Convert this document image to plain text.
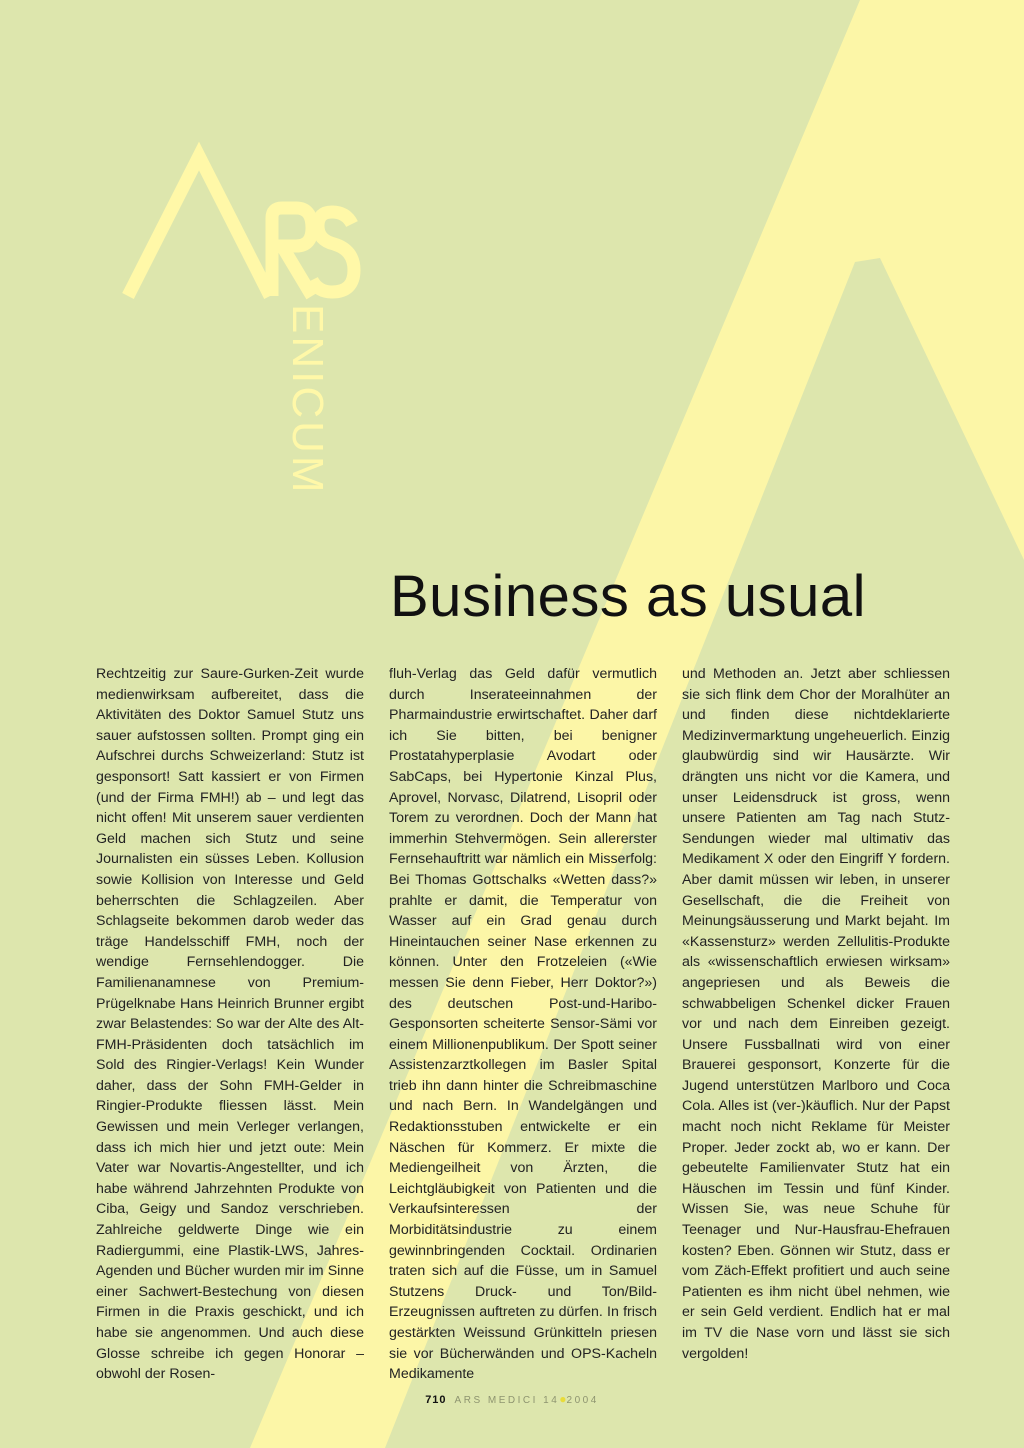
ENICUM
Business as usual

Rechtzeitig zur Saure-Gurken-Zeit wurde medienwirksam aufbereitet, dass die Aktivitäten des Doktor Samuel Stutz uns sauer aufstossen sollten. Prompt ging ein Aufschrei durchs Schweizerland: Stutz ist gesponsort! Satt kassiert er von Firmen (und der Firma FMH!) ab – und legt das nicht offen! Mit unserem sauer verdienten Geld machen sich Stutz und seine Journalisten ein süsses Leben. Kollusion sowie Kollision von Interesse und Geld beherrschten die Schlagzeilen. Aber Schlagseite bekommen darob weder das träge Handelsschiff FMH, noch der wendige Fernsehlendogger. Die Familienanamnese von Premium-Prügelknabe Hans Heinrich Brunner ergibt zwar Belastendes: So war der Alte des Alt-FMH-Präsidenten doch tatsächlich im Sold des Ringier-Verlags! Kein Wunder daher, dass der Sohn FMH-Gelder in Ringier-Produkte fliessen lässt. Mein Gewissen und mein Verleger verlangen, dass ich mich hier und jetzt oute: Mein Vater war Novartis-Angestellter, und ich habe während Jahrzehnten Produkte von Ciba, Geigy und Sandoz verschrieben. Zahlreiche geldwerte Dinge wie ein Radiergummi, eine Plastik-LWS, Jahres-Agenden und Bücher wurden mir im Sinne einer Sachwert-Bestechung von diesen Firmen in die Praxis geschickt, und ich habe sie angenommen. Und auch diese Glosse schreibe ich gegen Honorar – obwohl der Rosen-

fluh-Verlag das Geld dafür vermutlich durch Inserateeinnahmen der Pharmaindustrie erwirtschaftet. Daher darf ich Sie bitten, bei benigner Prostatahyperplasie Avodart oder SabCaps, bei Hypertonie Kinzal Plus, Aprovel, Norvasc, Dilatrend, Lisopril oder Torem zu verordnen. Doch der Mann hat immerhin Stehvermögen. Sein allererster Fernsehauftritt war nämlich ein Misserfolg: Bei Thomas Gottschalks «Wetten dass?» prahlte er damit, die Temperatur von Wasser auf ein Grad genau durch Hineintauchen seiner Nase erkennen zu können. Unter den Frotzeleien («Wie messen Sie denn Fieber, Herr Doktor?») des deutschen Post-und-Haribo-Gesponsorten scheiterte Sensor-Sämi vor einem Millionenpublikum. Der Spott seiner Assistenzarztkollegen im Basler Spital trieb ihn dann hinter die Schreibmaschine und nach Bern. In Wandelgängen und Redaktionsstuben entwickelte er ein Näschen für Kommerz. Er mixte die Mediengeilheit von Ärzten, die Leichtgläubigkeit von Patienten und die Verkaufsinteressen der Morbiditätsindustrie zu einem gewinnbringenden Cocktail. Ordinarien traten sich auf die Füsse, um in Samuel Stutzens Druck- und Ton/Bild-Erzeugnissen auftreten zu dürfen. In frisch gestärkten Weissund Grünkitteln priesen sie vor Bücherwänden und OPS-Kacheln Medikamente

und Methoden an. Jetzt aber schliessen sie sich flink dem Chor der Moralhüter an und finden diese nichtdeklarierte Medizinvermarktung ungeheuerlich. Einzig glaubwürdig sind wir Hausärzte. Wir drängten uns nicht vor die Kamera, und unser Leidensdruck ist gross, wenn unsere Patienten am Tag nach Stutz-Sendungen wieder mal ultimativ das Medikament X oder den Eingriff Y fordern. Aber damit müssen wir leben, in unserer Gesellschaft, die die Freiheit von Meinungsäusserung und Markt bejaht. Im «Kassensturz» werden Zellulitis-Produkte als «wissenschaftlich erwiesen wirksam» angepriesen und als Beweis die schwabbeligen Schenkel dicker Frauen vor und nach dem Einreiben gezeigt. Unsere Fussballnati wird von einer Brauerei gesponsort, Konzerte für die Jugend unterstützen Marlboro und Coca Cola. Alles ist (ver-)käuflich. Nur der Papst macht noch nicht Reklame für Meister Proper. Jeder zockt ab, wo er kann. Der gebeutelte Familienvater Stutz hat ein Häuschen im Tessin und fünf Kinder. Wissen Sie, was neue Schuhe für Teenager und Nur-Hausfrau-Ehefrauen kosten? Eben. Gönnen wir Stutz, dass er vom Zäch-Effekt profitiert und auch seine Patienten es ihm nicht übel nehmen, wie er sein Geld verdient. Endlich hat er mal im TV die Nase vorn und lässt sie sich vergolden!

710 ARS MEDICI 14●2004
